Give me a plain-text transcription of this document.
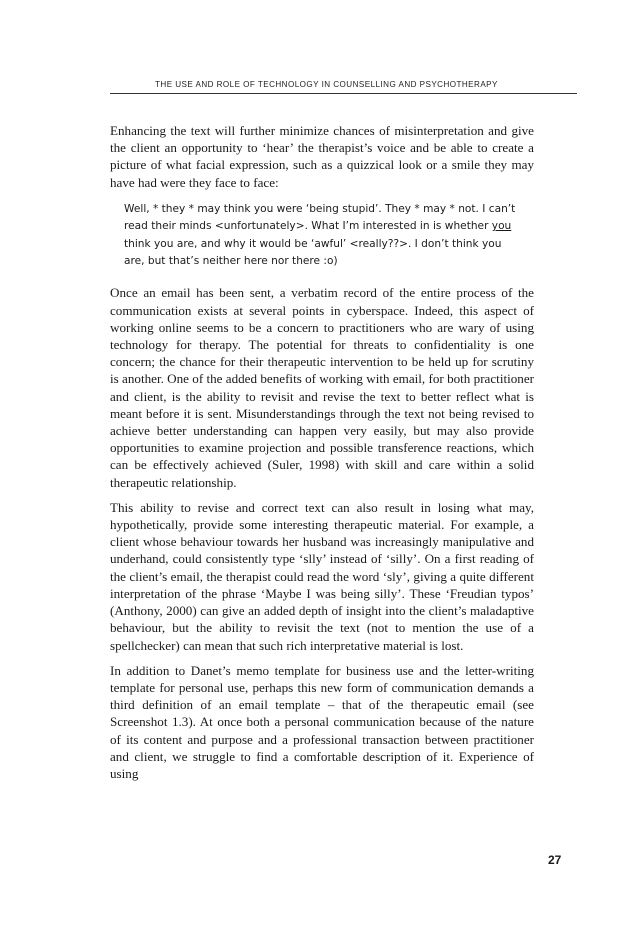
THE USE AND ROLE OF TECHNOLOGY IN COUNSELLING AND PSYCHOTHERAPY

Enhancing the text will further minimize chances of misinterpretation and give the client an opportunity to ‘hear’ the therapist’s voice and be able to create a picture of what facial expression, such as a quizzical look or a smile they may have had were they face to face:

Well, * they * may think you were ‘being stupid’. They * may * not. I can’t read their minds <unfortunately>. What I’m interested in is whether you think you are, and why it would be ‘awful’ <really??>. I don’t think you are, but that’s neither here nor there :o)

Once an email has been sent, a verbatim record of the entire process of the communication exists at several points in cyberspace. Indeed, this aspect of working online seems to be a concern to practitioners who are wary of using technology for therapy. The potential for threats to confidentiality is one concern; the chance for their therapeutic intervention to be held up for scrutiny is another. One of the added benefits of working with email, for both practitioner and client, is the ability to revisit and revise the text to better reflect what is meant before it is sent. Misunderstandings through the text not being revised to achieve better understanding can happen very easily, but may also provide opportunities to examine projection and possible transference reactions, which can be effectively achieved (Suler, 1998) with skill and care within a solid therapeutic relationship.

This ability to revise and correct text can also result in losing what may, hypothetically, provide some interesting therapeutic material. For example, a client whose behaviour towards her husband was increasingly manipulative and underhand, could consistently type ‘slly’ instead of ‘silly’. On a first reading of the client’s email, the therapist could read the word ‘sly’, giving a quite different interpretation of the phrase ‘Maybe I was being silly’. These ‘Freudian typos’ (Anthony, 2000) can give an added depth of insight into the client’s maladaptive behaviour, but the ability to revisit the text (not to mention the use of a spellchecker) can mean that such rich interpretative material is lost.

In addition to Danet’s memo template for business use and the letter-writing template for personal use, perhaps this new form of communication demands a third definition of an email template – that of the therapeutic email (see Screenshot 1.3). At once both a personal communication because of the nature of its content and purpose and a professional transaction between practitioner and client, we struggle to find a comfortable description of it. Experience of using

27
